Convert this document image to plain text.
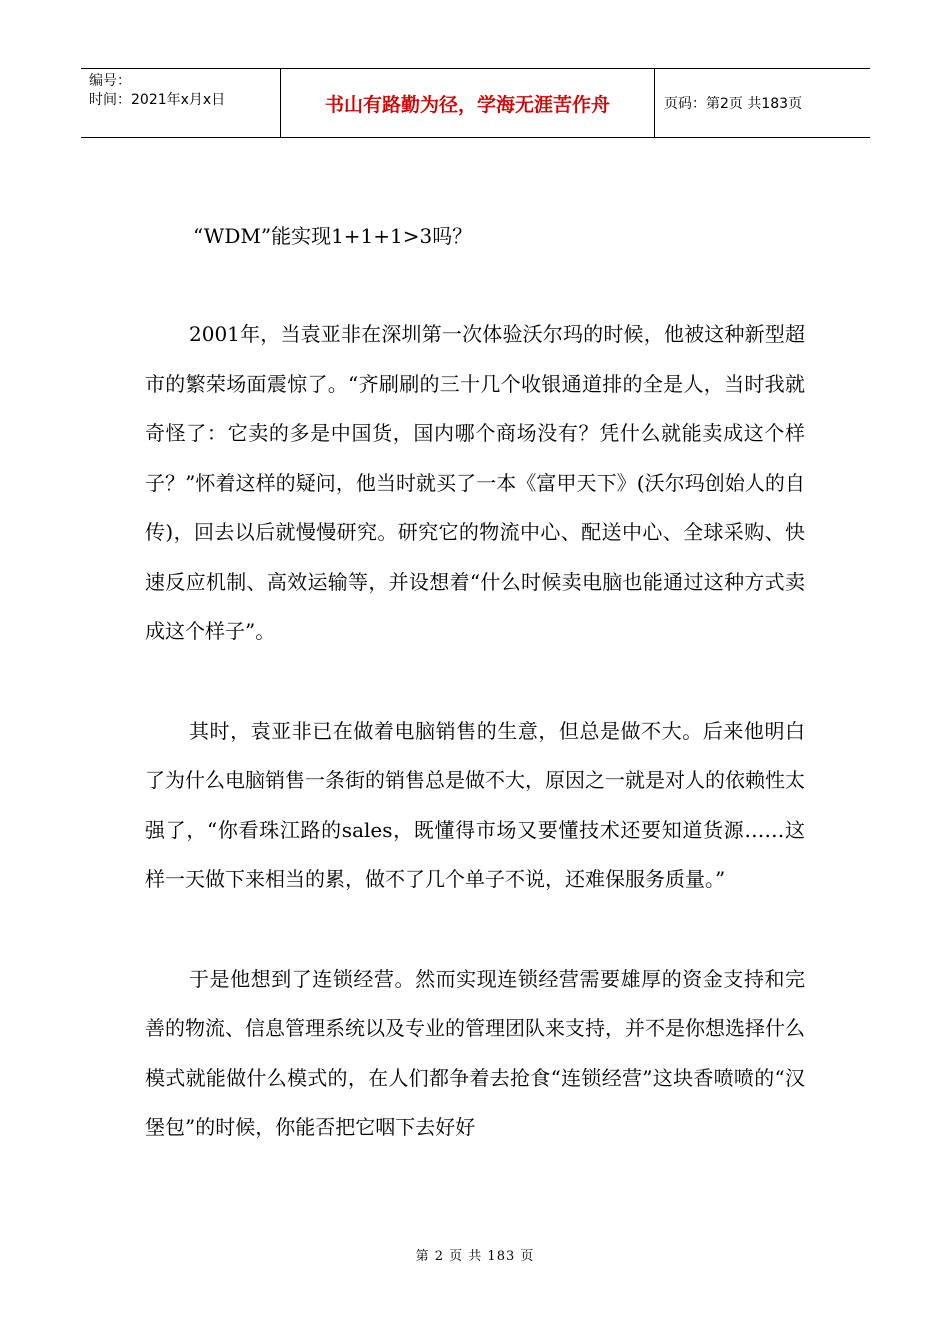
编号：
时间：2021年x月x日	书山有路勤为径，学海无涯苦作舟	页码：第2页 共183页
“WDM”能实现1+1+1>3吗？

2001年，当袁亚非在深圳第一次体验沃尔玛的时候，他被这种新型超市的繁荣场面震惊了。“齐刷刷的三十几个收银通道排的全是人，当时我就奇怪了：它卖的多是中国货，国内哪个商场没有？凭什么就能卖成这个样子？”怀着这样的疑问，他当时就买了一本《富甲天下》(沃尔玛创始人的自传)，回去以后就慢慢研究。研究它的物流中心、配送中心、全球采购、快速反应机制、高效运输等，并设想着“什么时候卖电脑也能通过这种方式卖成这个样子”。

其时，袁亚非已在做着电脑销售的生意，但总是做不大。后来他明白了为什么电脑销售一条街的销售总是做不大，原因之一就是对人的依赖性太强了，“你看珠江路的sales，既懂得市场又要懂技术还要知道货源……这样一天做下来相当的累，做不了几个单子不说，还难保服务质量。”

于是他想到了连锁经营。然而实现连锁经营需要雄厚的资金支持和完善的物流、信息管理系统以及专业的管理团队来支持，并不是你想选择什么模式就能做什么模式的，在人们都争着去抢食“连锁经营”这块香喷喷的“汉堡包”的时候，你能否把它咽下去好好

第 2 页 共 183 页
